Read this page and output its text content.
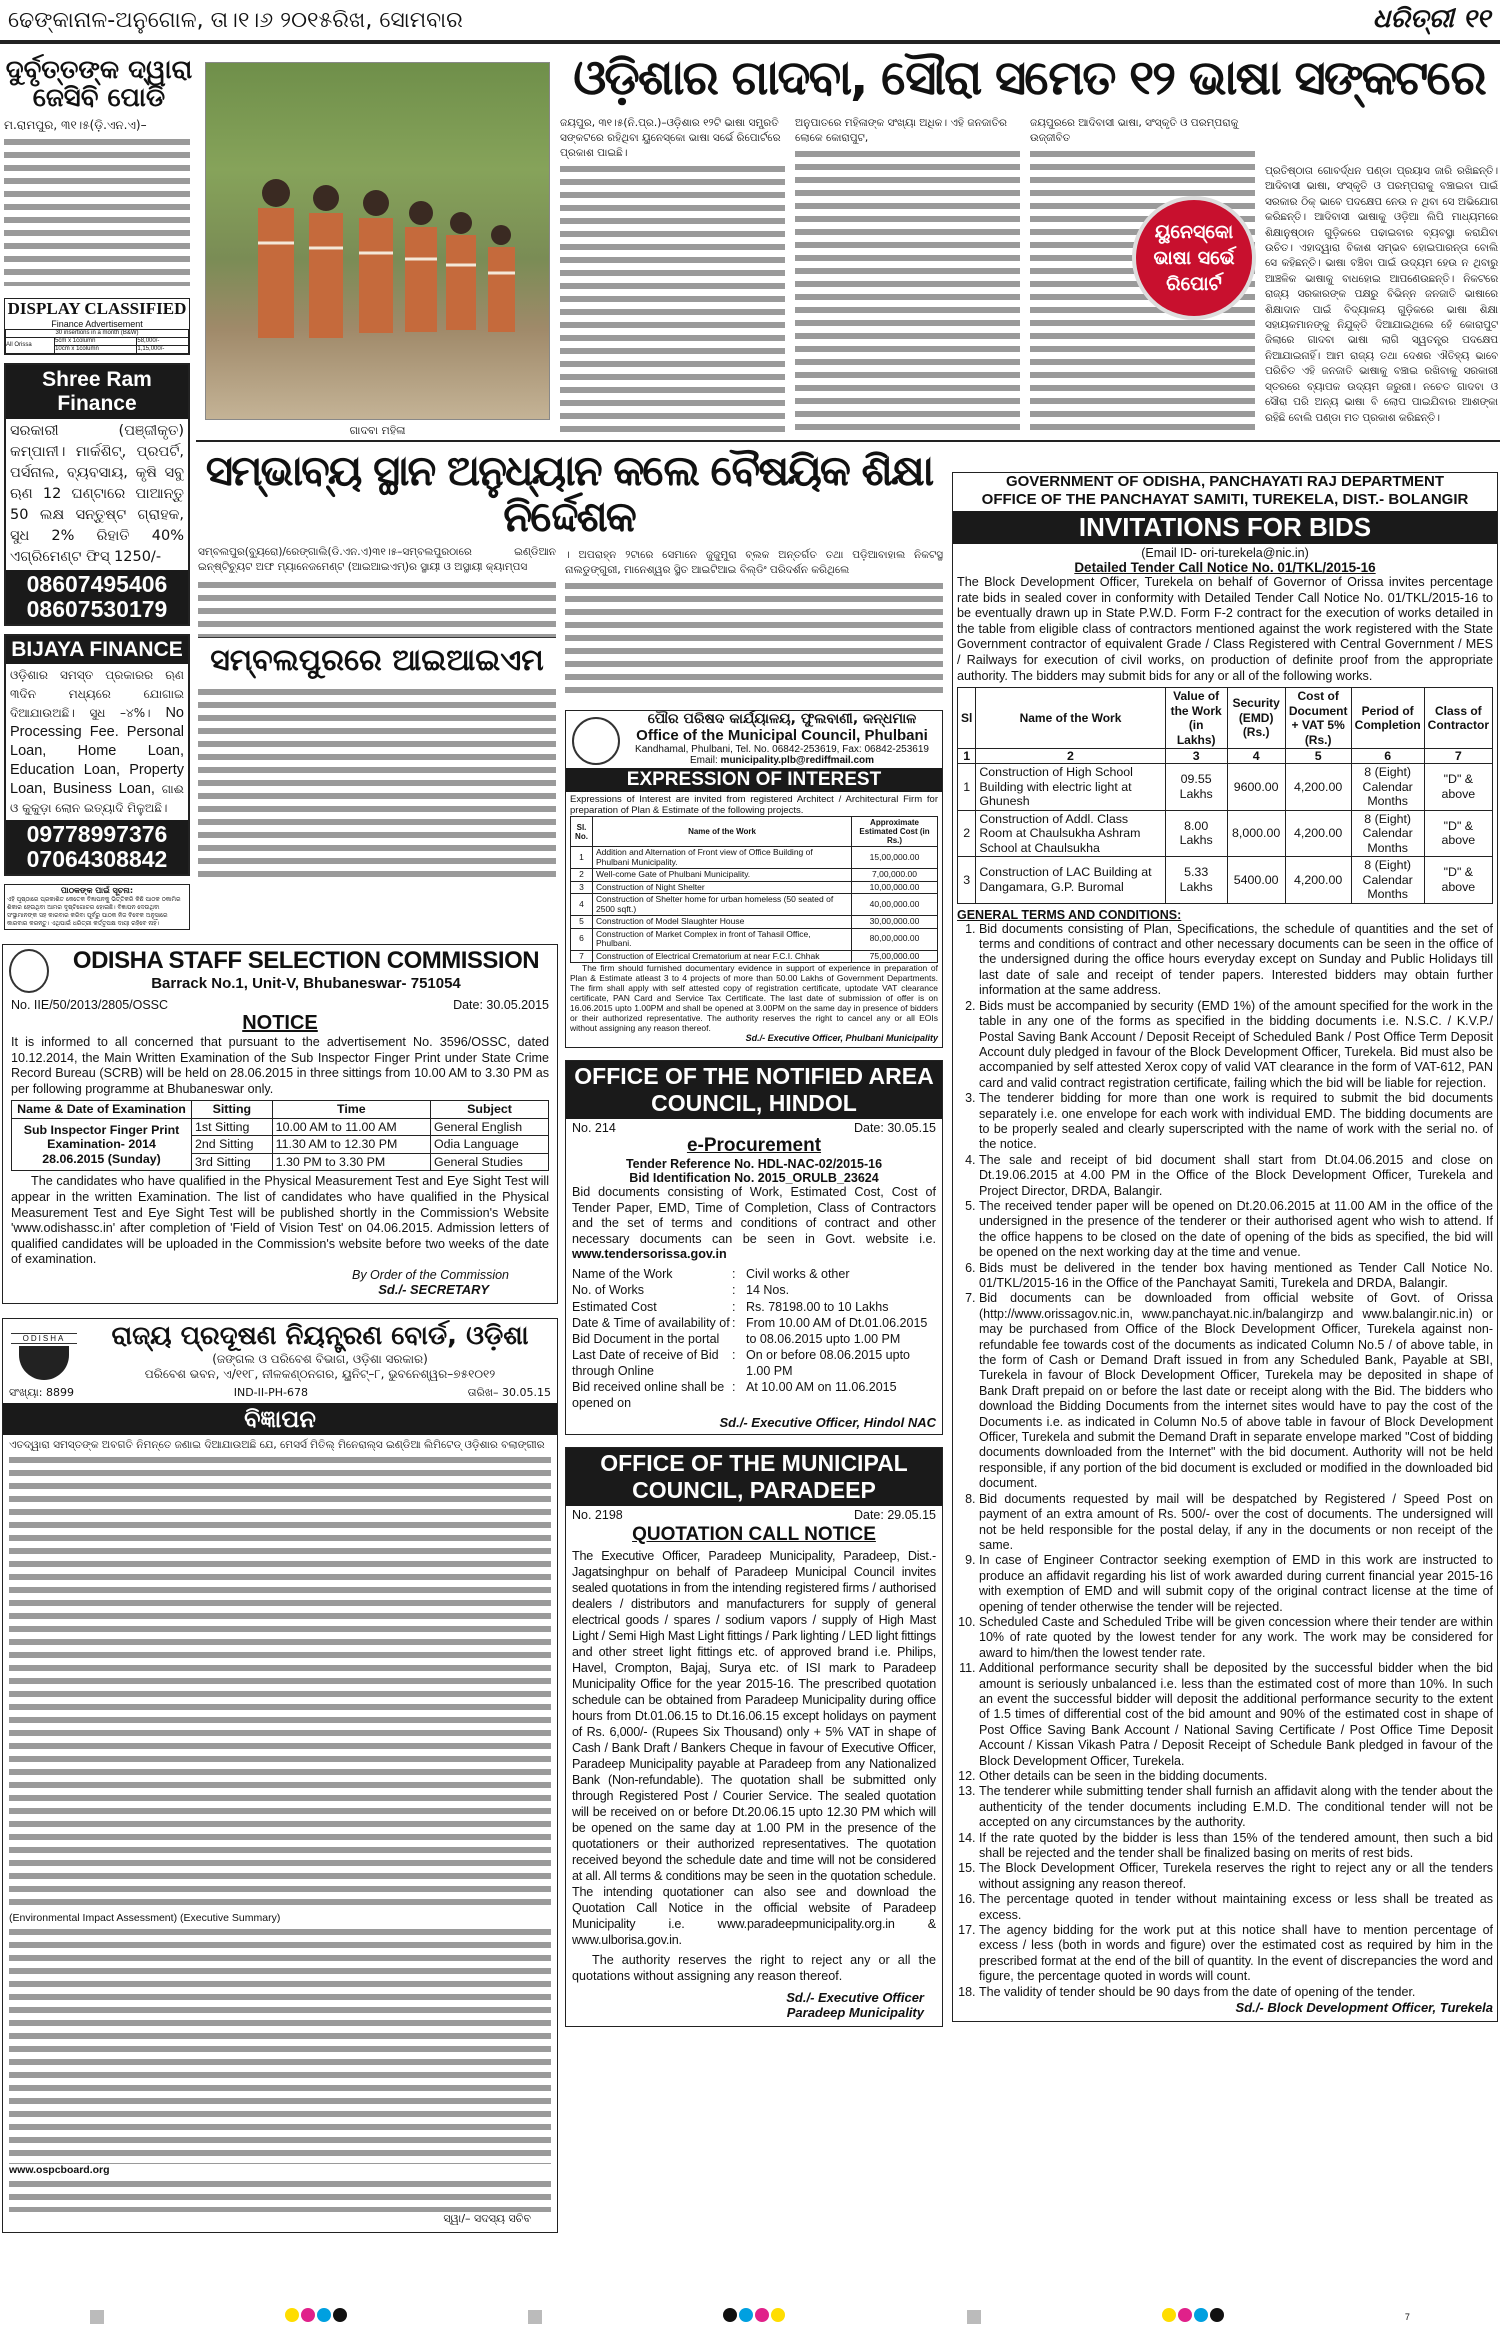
ଢେଙ୍କାନାଳ-ଅନୁଗୋଳ, ତା।୧।୬ ୨୦୧୫ରିଖ, ସୋମବାର	ଧରିତ୍ରୀ ୧୧
ଦୁର୍ବୃତ୍ତଙ୍କ ଦ୍ୱାରା ଜେସିବି ପୋଡି
ମ.ରାମପୁର, ୩୧।୫(ଡ଼ି.ଏନ.ଏ)–
ଗାଦବା ମହିଳା
ଓଡ଼ିଶାର ଗାଦବା, ସୌରା ସମେତ ୧୨ ଭାଷା ସଙ୍କଟରେ
ଜୟପୁର, ୩୧।୫(ନି.ପ୍ର.)–ଓଡ଼ିଶାର ୧୨ଟି ଭାଷା ସମ୍ପ୍ରତି ସଙ୍କଟରେ ରହିଥିବା ୟୁନେସ୍କୋ ଭାଷା ସର୍ଭେ ରିପୋର୍ଟରେ ପ୍ରକାଶ ପାଇଛି।
ଅନୁପାତରେ ମହିଳାଙ୍କ ସଂଖ୍ୟା ଅଧିକ। ଏହି ଜନଜାତିର ଲୋକେ କୋରାପୁଟ,
ଜୟପୁରରେ ଆଦିବାସୀ ଭାଷା, ସଂସ୍କୃତି ଓ ପରମ୍ପରାକୁ ଉଜ୍ଜୀବିତ
ପ୍ରତିଷ୍ଠାତା ଗୋବର୍ଦ୍ଧନ ପଣ୍ଡା ପ୍ରୟାସ ଜାରି ରଖିଛନ୍ତି। ଆଦିବାସୀ ଭାଷା, ସଂସ୍କୃତି ଓ ପରମ୍ପରାକୁ ବଞ୍ଚାଇବା ପାଇଁ ସରକାର ଠିକ୍ ଭାବେ ପଦକ୍ଷେପ ନେଉ ନ ଥିବା ସେ ଅଭିଯୋଗ କରିଛନ୍ତି। ଆଦିବାସୀ ଭାଷାକୁ ଓଡ଼ିଆ ଲିପି ମାଧ୍ୟମରେ ଶିକ୍ଷାନୁଷ୍ଠାନ ଗୁଡ଼ିକରେ ପଢାଇବାର ବ୍ୟବସ୍ଥା କରାଯିବା ଉଚିତ। ଏହାଦ୍ୱାରା ବିକାଶ ସମ୍ଭବ ହୋଇପାରନ୍ତା ବୋଲି ସେ କହିଛନ୍ତି। ଭାଷା ବଞ୍ଚିବା ପାଇଁ ଉଦ୍ୟମ ହେଉ ନ ଥିବାରୁ ଆଞ୍ଚଳିକ ଭାଷାକୁ ବାଧହୋଇ ଆପଣେଉଛନ୍ତି। ନିକଟରେ ରାଜ୍ୟ ସରକାରଙ୍କ ପକ୍ଷରୁ ବିଭିନ୍ନ ଜନଜାତି ଭାଷାରେ ଶିକ୍ଷାଦାନ ପାଇଁ ବିଦ୍ୟାଳୟ ଗୁଡ଼ିକରେ ଭାଷା ଶିକ୍ଷା ସହାୟକମାନଙ୍କୁ ନିଯୁକ୍ତି ଦିଆଯାଇଥିଲେ ହେଁ କୋରାପୁଟ ଜିଲାରେ ଗାଦବା ଭାଷା ଲାଗି ସ୍ୱତନ୍ତ୍ର ପଦକ୍ଷେପ ନିଆଯାଇନାହିଁ। ଆମ ରାଜ୍ୟ ତଥା ଦେଶର ଐତିହ୍ୟ ଭାବେ ପରିଚିତ ଏହି ଜନଜାତି ଭାଷାକୁ ବଞ୍ଚାଇ ରଖିବାକୁ ସରକାରୀ ସ୍ତରରେ ବ୍ୟାପକ ଉଦ୍ୟମ ଜରୁରୀ। ନଚେତ ଗାଦବା ଓ ସୌରା ପରି ଅନ୍ୟ ଭାଷା ବି ଲୋପ ପାଇଯିବାର ଆଶଙ୍କା ରହିଛି ବୋଲି ପଣ୍ଡା ମତ ପ୍ରକାଶ କରିଛନ୍ତି।
ୟୁନେସ୍କୋ ଭାଷା ସର୍ଭେ ରିପୋର୍ଟ
ସମ୍ଭାବ୍ୟ ସ୍ଥାନ ଅନୁଧ୍ୟାନ କଲେ ବୈଷୟିକ ଶିକ୍ଷା ନିର୍ଦ୍ଦେଶକ
DISPLAY CLASSIFIED
Finance Advertisement
30 insertions in a month (B&W)		
All Orissa	5cm x 1column	58,000/-
	10cm x 1column	1,15,000/-
Shree Ram Finance
ସରକାରୀ (ପଞ୍ଜୀକୃତ) କମ୍ପାନୀ। ମାର୍କଶିଟ୍, ପ୍ରପର୍ଟି, ପର୍ସନାଲ, ବ୍ୟବସାୟ, କୃଷି ସବୁ ଋଣ 12 ଘଣ୍ଟାରେ ପାଆନ୍ତୁ 50 ଲକ୍ଷ ସନ୍ତୁଷ୍ଟ ଗ୍ରାହକ, ସୁଧ 2% ରିହାତି 40% ଏଗ୍ରିମେଣ୍ଟ ଫିସ୍ 1250/-
08607495406
08607530179
BIJAYA FINANCE
ଓଡ଼ିଶାର ସମସ୍ତ ପ୍ରକାରର ଋଣ ୩ଦିନ ମଧ୍ୟରେ ଯୋଗାଇ ଦିଆଯାଉଅଛି। ସୁଧ –୪%। No Processing Fee. Personal Loan, Home Loan, Education Loan, Property Loan, Business Loan, ଗାଈ ଓ କୁକୁଡ଼ା ଲୋନ ଇତ୍ୟାଦି ମିଳୁଅଛି।
09778997376
07064308842
ପାଠକଙ୍କ ପାଇଁ ସୂଚନା:
ଏହି ପୃଷ୍ଠାରେ ପ୍ରକାଶିତ କେତେକ ବିଜ୍ଞାପନକୁ ଭିତ୍ତିକରି କିଛି ପାଠକ ଠକାମିର ଶିକାର ହେଉଥିବା ଆମର ଦୃଷ୍ଟିଗୋଚର ହୋଇଛି। ବିଜ୍ଞାପନ ଦେଉଥିବା ସଂସ୍ଥାମାନଙ୍କ ସହ କାରବାର କରିବା ପୂର୍ବରୁ ପାଠକ ନିଜ ବିବେକ ଅନୁସାରେ କାରବାର କରନ୍ତୁ। ଏଥିପାଇଁ ଧରିତ୍ରୀ କର୍ତ୍ତୃପକ୍ଷ ଦାୟୀ ରହିବେ ନାହିଁ।
ସମ୍ବଲପୁର(ବ୍ୟୁରୋ)/ରେଙ୍ଗାଲି(ଡି.ଏନ.ଏ)୩୧।୫–ସମ୍ବଲପୁରଠାରେ ଇଣ୍ଡିଆନ ଇନ୍ଷ୍ଟିଚ୍ୟୁଟ ଅଫ ମ୍ୟାନେଜମେଣ୍ଟ (ଆଇଆଇଏମ୍)ର ସ୍ଥାୟୀ ଓ ଅସ୍ଥାୟୀ କ୍ୟାମ୍ପସ
ସମ୍ବଲପୁରରେ ଆଇଆଇଏମ
ODISHA STAFF SELECTION COMMISSION
Barrack No.1, Unit-V, Bhubaneswar- 751054
No. IIE/50/2013/2805/OSSC	Date: 30.05.2015
NOTICE

It is informed to all concerned that pursuant to the advertisement No. 3596/OSSC, dated 10.12.2014, the Main Written Examination of the Sub Inspector Finger Print under State Crime Record Bureau (SCRB) will be held on 28.06.2015 in three sittings from 10.00 AM to 3.30 PM as per following programme at Bhubaneswar only.

Name & Date of Examination	Sitting	Time	Subject
Sub Inspector Finger Print Examination- 2014 28.06.2015 (Sunday)	1st Sitting	10.00 AM to 11.00 AM	General English
	2nd Sitting	11.30 AM to 12.30 PM	Odia Language
	3rd Sitting	1.30 PM to 3.30 PM	General Studies

The candidates who have qualified in the Physical Measurement Test and Eye Sight Test will appear in the written Examination. The list of candidates who have qualified in the Physical Measurement Test and Eye Sight Test will be published shortly in the Commission's Website 'www.odishassc.in' after completion of 'Field of Vision Test' on 04.06.2015. Admission letters of qualified candidates will be uploaded in the Commission's website before two weeks of the date of examination.

By Order of the Commission
Sd./- SECRETARY
ODISHA	ରାଜ୍ୟ ପ୍ରଦୂଷଣ ନିୟନ୍ତ୍ରଣ ବୋର୍ଡ, ଓଡ଼ିଶା
(ଜଙ୍ଗଲ ଓ ପରିବେଶ ବିଭାଗ, ଓଡ଼ିଶା ସରକାର)
ପରିବେଶ ଭବନ, ଏ/୧୧୮, ନୀଳକଣ୍ଠନଗର, ୟୁନିଟ୍–୮, ଭୁବନେଶ୍ୱର–୭୫୧୦୧୨
ସଂଖ୍ୟା: 8899	IND-II-PH-678	ତାରିଖ– 30.05.15
ବିଜ୍ଞାପନ
ଏତଦ୍ୱାରା ସମସ୍ତଙ୍କ ଅବଗତି ନିମନ୍ତେ ଜଣାଇ ଦିଆଯାଉଅଛି ଯେ, ମେସର୍ସ ମିତିଲ୍ ମିନେରାଲ୍ସ ଇଣ୍ଡିଆ ଲିମିଟେଡ୍ ଓଡ଼ିଶାର ବଲାଙ୍ଗୀର
(Environmental Impact Assessment) (Executive Summary)
www.ospcboard.org
ସ୍ୱା/– ସଦସ୍ୟ ସଚିବ
। ଅପରାହ୍ନ ୨ଟାରେ ସେମାନେ ଜୁଜୁମୁରା ବ୍ଲକ ଅନ୍ତର୍ଗତ ତଥା ପଡ଼ିଆବାହାଲ ନିକଟସ୍ଥ ନାଲଡୁଙ୍ଗୁରୀ, ମାନେଶ୍ୱର ସ୍ଥିତ ଆଇଟିଆଇ ବିଲ୍ଡିଂ ପରିଦର୍ଶନ କରିଥିଲେ
ପୌର ପରିଷଦ କାର୍ଯ୍ୟାଳୟ, ଫୁଲବାଣୀ, କନ୍ଧମାଳ
Office of the Municipal Council, Phulbani
Kandhamal, Phulbani, Tel. No. 06842-253619, Fax: 06842-253619
Email: municipality.plb@rediffmail.com
EXPRESSION OF INTEREST

Expressions of Interest are invited from registered Architect / Architectural Firm for preparation of Plan & Estimate of the following projects.

Sl. No.	Name of the Work	Approximate Estimated Cost (in Rs.)
1	Addition and Alternation of Front view of Office Building of Phulbani Municipality.	15,00,000.00
2	Well-come Gate of Phulbani Municipality.	7,00,000.00
3	Construction of Night Shelter	10,00,000.00
4	Construction of Shelter home for urban homeless (50 seated of 2500 sqft.)	40,00,000.00
5	Construction of Model Slaughter House	30,00,000.00
6	Construction of Market Complex in front of Tahasil Office, Phulbani.	80,00,000.00
7	Construction of Electrical Crematorium at near F.C.I. Chhak	75,00,000.00

The firm should furnished documentary evidence in support of experience in preparation of Plan & Estimate atleast 3 to 4 projects of more than 50.00 Lakhs of Government Departments. The firm shall apply with self attested copy of registration certificate, uptodate VAT clearance certificate, PAN Card and Service Tax Certificate. The last date of submission of offer is on 16.06.2015 upto 1.00PM and shall be opened at 3.00PM on the same day in presence of bidders or their authorized representative. The authority reserves the right to cancel any or all EOIs without assigning any reason thereof.

Sd./- Executive Officer, Phulbani Municipality
OFFICE OF THE NOTIFIED AREA COUNCIL, HINDOL
No. 214	Date: 30.05.15
e-Procurement
Tender Reference No. HDL-NAC-02/2015-16
Bid Identification No. 2015_ORULB_23624

Bid documents consisting of Work, Estimated Cost, Cost of Tender Paper, EMD, Time of Completion, Class of Contractors and the set of terms and conditions of contract and other necessary documents can be seen in Govt. website i.e. www.tendersorissa.gov.in

Name of the Work	: Civil works & other
No. of Works	: 14 Nos.
Estimated Cost	: Rs. 78198.00 to 10 Lakhs
Date & Time of availability of Bid Document in the portal
: From 10.00 AM of Dt.01.06.2015 to 08.06.2015 upto 1.00 PM
Last Date of receive of Bid through Online
: On or before 08.06.2015 upto 1.00 PM
Bid received online shall be opened on
: At 10.00 AM on 11.06.2015
Sd./- Executive Officer, Hindol NAC
OFFICE OF THE MUNICIPAL COUNCIL, PARADEEP
No. 2198	Date: 29.05.15
QUOTATION CALL NOTICE

The Executive Officer, Paradeep Municipality, Paradeep, Dist.- Jagatsinghpur on behalf of Paradeep Municipal Council invites sealed quotations in from the intending registered firms / authorised dealers / distributors and manufacturers for supply of general electrical goods / spares / sodium vapors / supply of High Mast Light / Semi High Mast Light fittings / Park lighting / LED light fittings and other street light fittings etc. of approved brand i.e. Philips, Havel, Crompton, Bajaj, Surya etc. of ISI mark to Paradeep Municipality Office for the year 2015-16. The prescribed quotation schedule can be obtained from Paradeep Municipality during office hours from Dt.01.06.15 to Dt.16.06.15 except holidays on payment of Rs. 6,000/- (Rupees Six Thousand) only + 5% VAT in shape of Cash / Bank Draft / Bankers Cheque in favour of Executive Officer, Paradeep Municipality payable at Paradeep from any Nationalized Bank (Non-refundable). The quotation shall be submitted only through Registered Post / Courier Service. The sealed quotation will be received on or before Dt.20.06.15 upto 12.30 PM which will be opened on the same day at 1.00 PM in the presence of the quotationers or their authorized representatives. The quotation received beyond the schedule date and time will not be considered at all. All terms & conditions may be seen in the quotation schedule. The intending quotationer can also see and download the Quotation Call Notice in the official website of Paradeep Municipality i.e. www.paradeepmunicipality.org.in & www.ulborisa.gov.in.

The authority reserves the right to reject any or all the quotations without assigning any reason thereof.

Sd./- Executive Officer
Paradeep Municipality
GOVERNMENT OF ODISHA, PANCHAYATI RAJ DEPARTMENT
OFFICE OF THE PANCHAYAT SAMITI, TUREKELA, DIST.- BOLANGIR
INVITATIONS FOR BIDS
(Email ID- ori-turekela@nic.in)
Detailed Tender Call Notice No. 01/TKL/2015-16

The Block Development Officer, Turekela on behalf of Governor of Orissa invites percentage rate bids in sealed cover in conformity with Detailed Tender Call Notice No. 01/TKL/2015-16 to be eventually drawn up in State P.W.D. Form F-2 contract for the execution of works detailed in the table from eligible class of contractors mentioned against the work registered with the State Government contractor of equivalent Grade / Class Registered with Central Government / MES / Railways for execution of civil works, on production of definite proof from the appropriate authority. The bidders may submit bids for any or all of the following works.

Sl	Name of the Work	Value of the Work (in Lakhs)	Security (EMD) (Rs.)	Cost of Document + VAT 5% (Rs.)	Period of Completion	Class of Contractor
1	2	3	4	5	6	7
1	Construction of High School Building with electric light at Ghunesh	09.55 Lakhs	9600.00	4,200.00	8 (Eight) Calendar Months	"D" & above
2	Construction of Addl. Class Room at Chaulsukha Ashram School at Chaulsukha	8.00 Lakhs	8,000.00	4,200.00	8 (Eight) Calendar Months	"D" & above
3	Construction of LAC Building at Dangamara, G.P. Buromal	5.33 Lakhs	5400.00	4,200.00	8 (Eight) Calendar Months	"D" & above
GENERAL TERMS AND CONDITIONS:
1. Bid documents consisting of Plan, Specifications, the schedule of quantities and the set of terms and conditions of contract and other necessary documents can be seen in the office of the undersigned during the office hours everyday except on Sunday and Public Holidays till last date of sale and receipt of tender papers. Interested bidders may obtain further information at the same address.
2. Bids must be accompanied by security (EMD 1%) of the amount specified for the work in the table in any one of the forms as specified in the bidding documents i.e. N.S.C. / K.V.P./ Postal Saving Bank Account / Deposit Receipt of Scheduled Bank / Post Office Term Deposit Account duly pledged in favour of the Block Development Officer, Turekela. Bid must also be accompanied by self attested Xerox copy of valid VAT clearance in the form of VAT-612, PAN card and valid contract registration certificate, failing which the bid will be liable for rejection.
3. The tenderer bidding for more than one work is required to submit the bid documents separately i.e. one envelope for each work with individual EMD. The bidding documents are to be properly sealed and clearly superscripted with the name of work with the serial no. of the notice.
4. The sale and receipt of bid document shall start from Dt.04.06.2015 and close on Dt.19.06.2015 at 4.00 PM in the Office of the Block Development Officer, Turekela and Project Director, DRDA, Balangir.
5. The received tender paper will be opened on Dt.20.06.2015 at 11.00 AM in the office of the undersigned in the presence of the tenderer or their authorised agent who wish to attend. If the office happens to be closed on the date of opening of the bids as specified, the bid will be opened on the next working day at the time and venue.
6. Bids must be delivered in the tender box having mentioned as Tender Call Notice No. 01/TKL/2015-16 in the Office of the Panchayat Samiti, Turekela and DRDA, Balangir.
7. Bid documents can be downloaded from official website of Govt. of Orissa (http://www.orissagov.nic.in, www.panchayat.nic.in/balangirzp and www.balangir.nic.in) or may be purchased from Office of the Block Development Officer, Turekela against non-refundable fee towards cost of the documents as indicated Column No.5 / of above table, in the form of Cash or Demand Draft issued in from any Scheduled Bank, Payable at SBI, Turekela in favour of Block Development Officer, Turekela may be deposited in shape of Bank Draft prepaid on or before the last date or receipt along with the Bid. The bidders who download the Bidding Documents from the internet sites would have to pay the cost of the Documents i.e. as indicated in Column No.5 of above table in favour of Block Development Officer, Turekela and submit the Demand Draft in separate envelope marked "Cost of bidding documents downloaded from the Internet" with the bid document. Authority will not be held responsible, if any portion of the bid document is excluded or modified in the downloaded bid document.
8. Bid documents requested by mail will be despatched by Registered / Speed Post on payment of an extra amount of Rs. 500/- over the cost of documents. The undersigned will not be held responsible for the postal delay, if any in the documents or non receipt of the same.
9. In case of Engineer Contractor seeking exemption of EMD in this work are instructed to produce an affidavit regarding his list of work awarded during current financial year 2015-16 with exemption of EMD and will submit copy of the original contract license at the time of opening of tender otherwise the tender will be rejected.
10. Scheduled Caste and Scheduled Tribe will be given concession where their tender are within 10% of rate quoted by the lowest tender for any work. The work may be considered for award to him/then the lowest tender rate.
11. Additional performance security shall be deposited by the successful bidder when the bid amount is seriously unbalanced i.e. less than the estimated cost of more than 10%. In such an event the successful bidder will deposit the additional performance security to the extent of 1.5 times of differential cost of the bid amount and 90% of the estimated cost in shape of Post Office Saving Bank Account / National Saving Certificate / Post Office Time Deposit Account / Kissan Vikash Patra / Deposit Receipt of Schedule Bank pledged in favour of the Block Development Officer, Turekela.
12. Other details can be seen in the bidding documents.
13. The tenderer while submitting tender shall furnish an affidavit along with the tender about the authenticity of the tender documents including E.M.D. The conditional tender will not be accepted on any circumstances by the authority.
14. If the rate quoted by the bidder is less than 15% of the tendered amount, then such a bid shall be rejected and the tender shall be finalized basing on merits of rest bids.
15. The Block Development Officer, Turekela reserves the right to reject any or all the tenders without assigning any reason thereof.
16. The percentage quoted in tender without maintaining excess or less shall be treated as excess.
17. The agency bidding for the work put at this notice shall have to mention percentage of excess / less (both in words and figure) over the estimated cost as required by him in the prescribed format at the end of the bill of quantity. In the event of discrepancies the word and figure, the percentage quoted in words will count.
18. The validity of tender should be 90 days from the date of opening of the tender.
Sd./- Block Development Officer, Turekela
7
